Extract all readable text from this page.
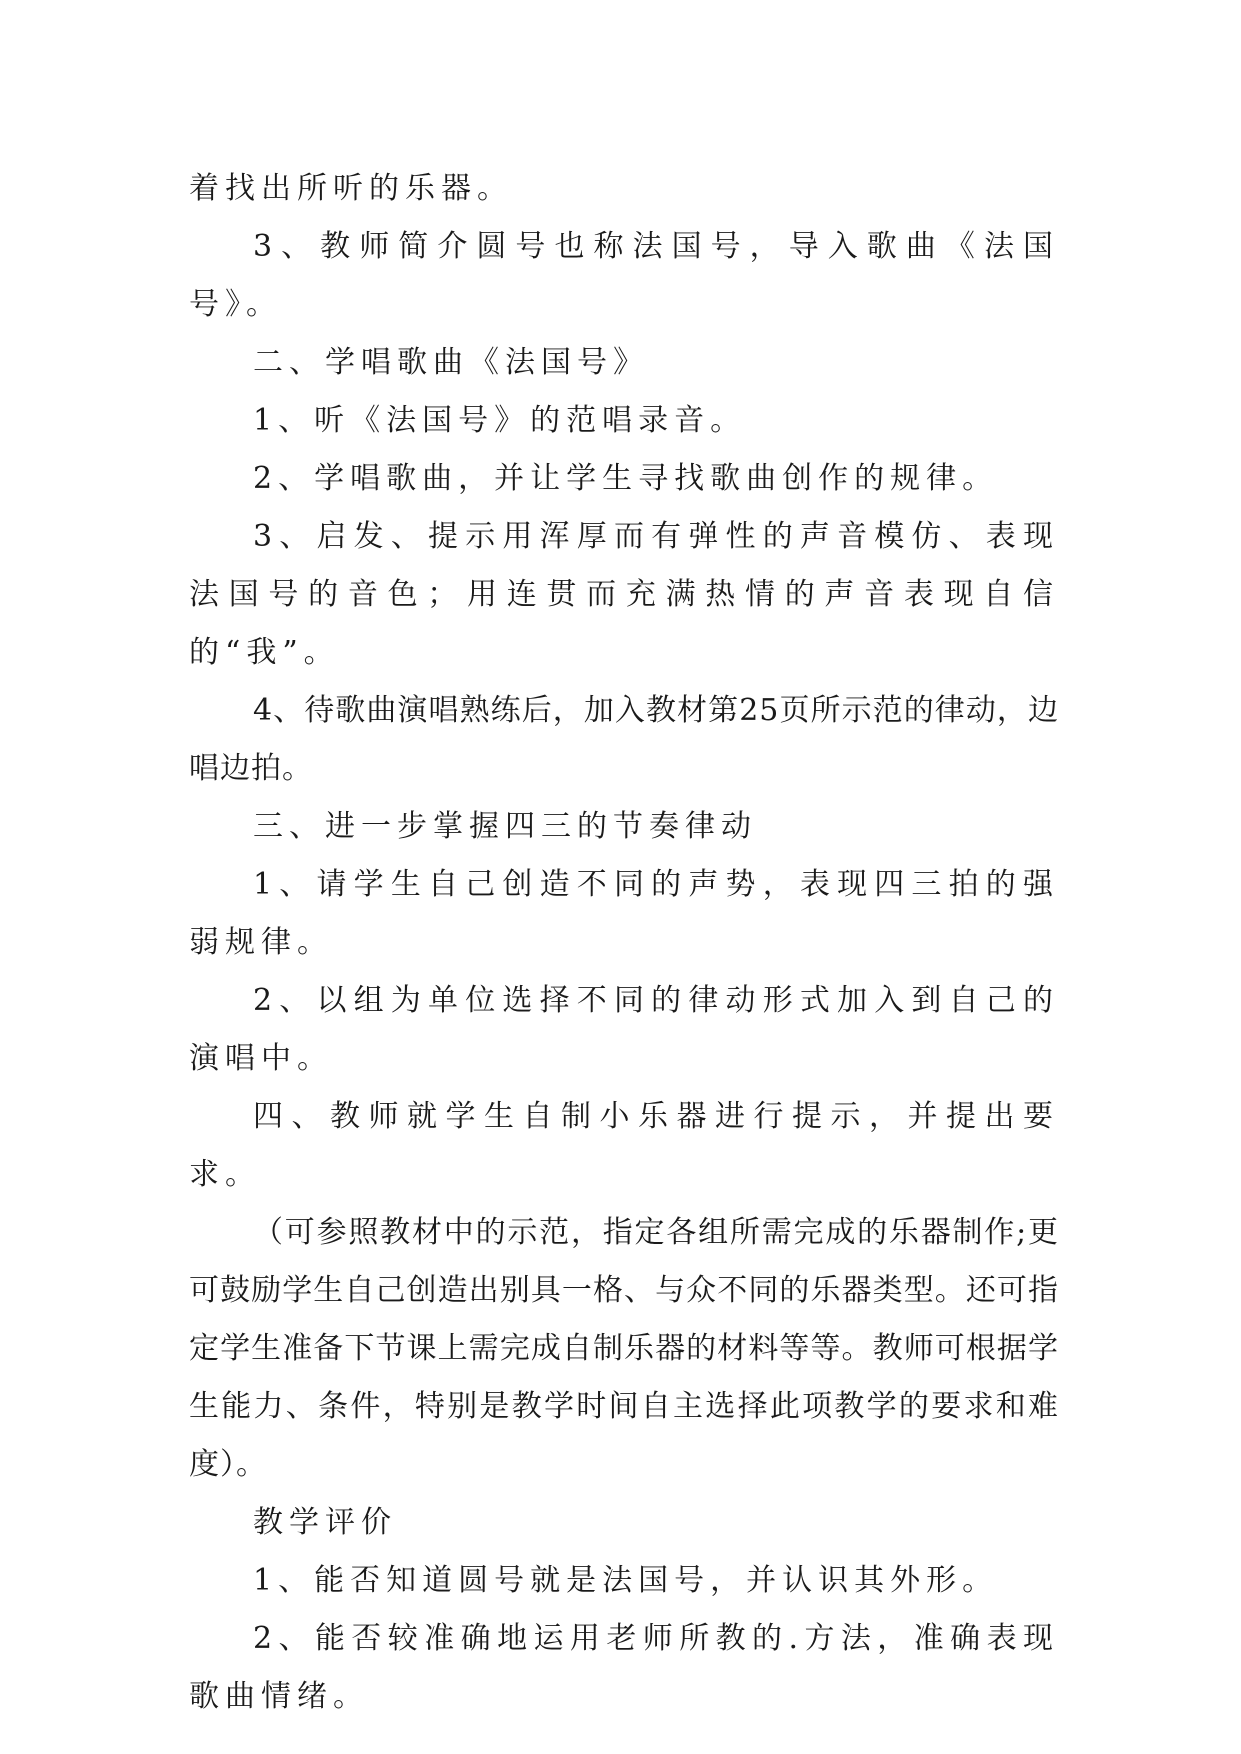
着找出所听的乐器。

3、教师简介圆号也称法国号，导入歌曲《法国号》。

二、学唱歌曲《法国号》

1、听《法国号》的范唱录音。

2、学唱歌曲，并让学生寻找歌曲创作的规律。

3、启发、提示用浑厚而有弹性的声音模仿、表现法国号的音色；用连贯而充满热情的声音表现自信的“我”。

4、待歌曲演唱熟练后，加入教材第25页所示范的律动，边唱边拍。

三、进一步掌握四三的节奏律动

1、请学生自己创造不同的声势，表现四三拍的强弱规律。

2、以组为单位选择不同的律动形式加入到自己的演唱中。

四、教师就学生自制小乐器进行提示，并提出要求。

（可参照教材中的示范，指定各组所需完成的乐器制作;更可鼓励学生自己创造出别具一格、与众不同的乐器类型。还可指定学生准备下节课上需完成自制乐器的材料等等。教师可根据学生能力、条件，特别是教学时间自主选择此项教学的要求和难度）。

教学评价

1、能否知道圆号就是法国号，并认识其外形。

2、能否较准确地运用老师所教的.方法，准确表现歌曲情绪。
